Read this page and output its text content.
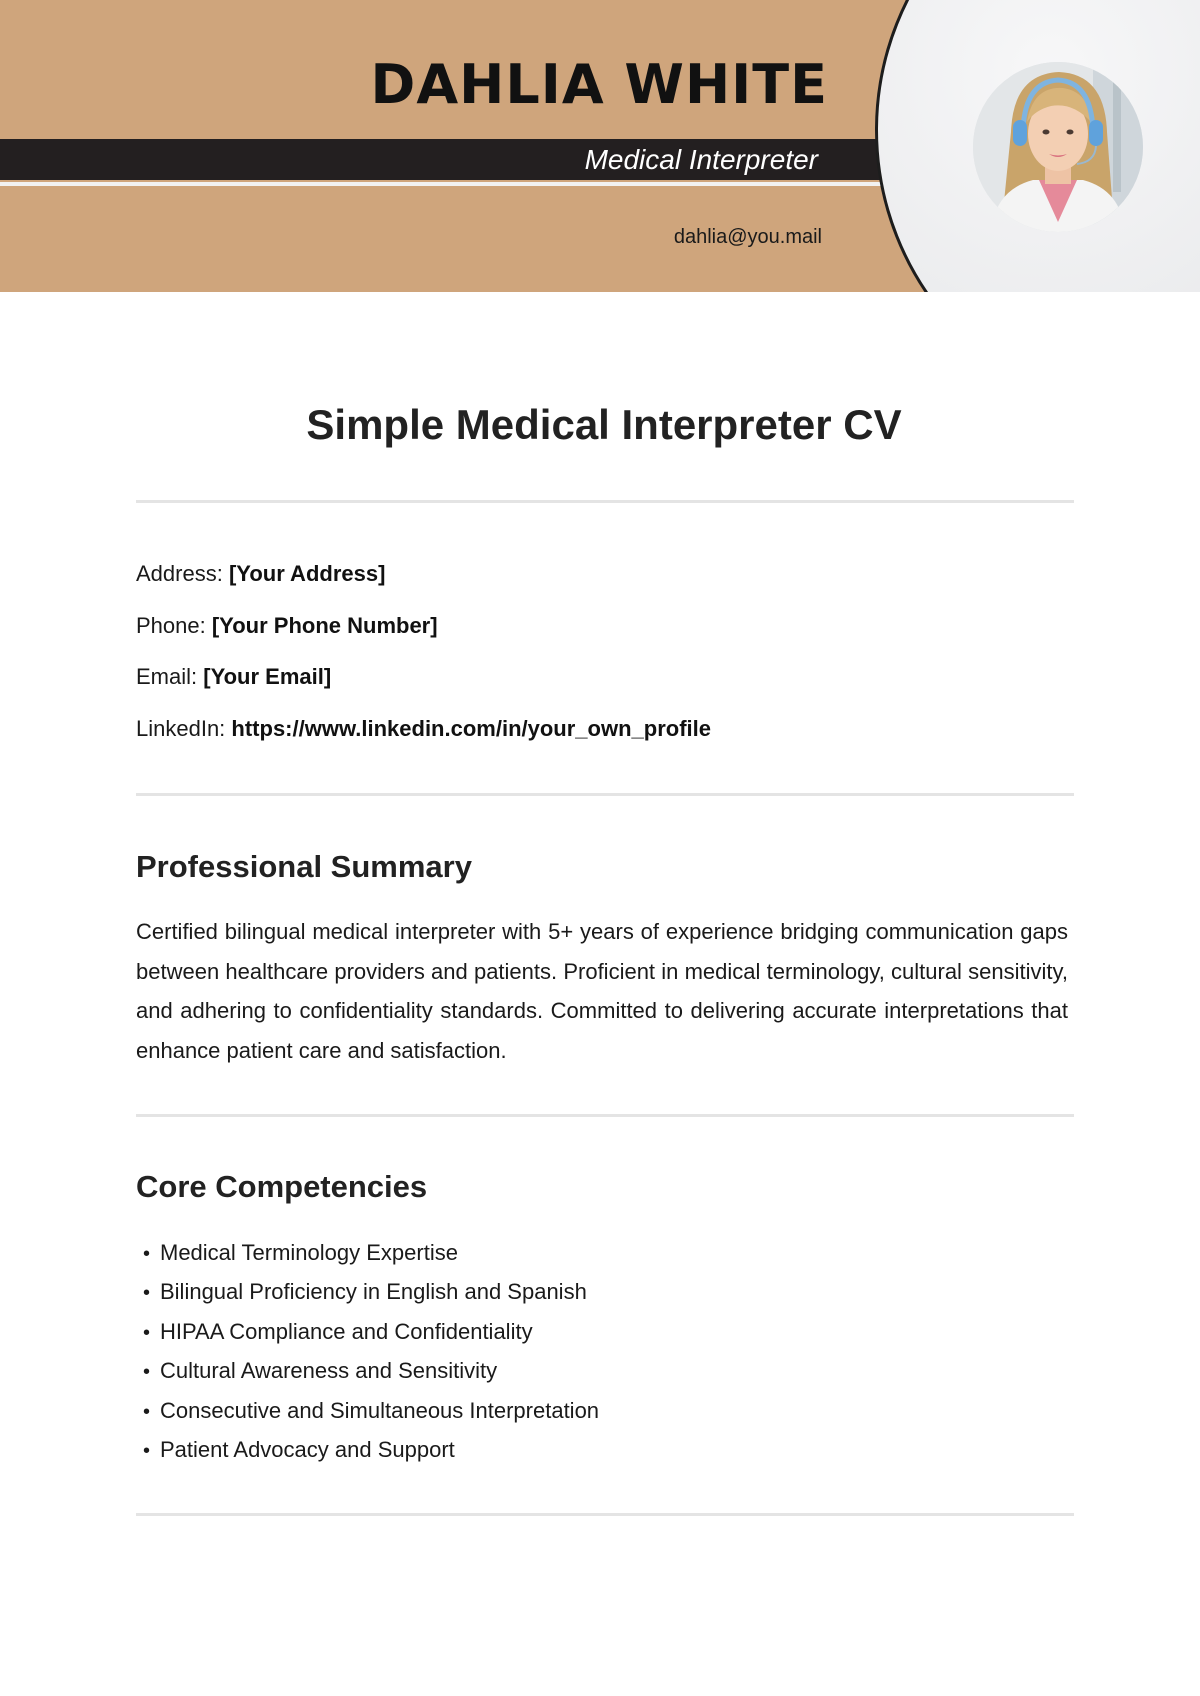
DAHLIA WHITE

Medical Interpreter

dahlia@you.mail
Simple Medical Interpreter CV
Address: [Your Address]
Phone: [Your Phone Number]
Email: [Your Email]
LinkedIn: https://www.linkedin.com/in/your_own_profile
Professional Summary

Certified bilingual medical interpreter with 5+ years of experience bridging communication gaps between healthcare providers and patients. Proficient in medical terminology, cultural sensitivity, and adhering to confidentiality standards. Committed to delivering accurate interpretations that enhance patient care and satisfaction.

Core Competencies
• Medical Terminology Expertise
• Bilingual Proficiency in English and Spanish
• HIPAA Compliance and Confidentiality
• Cultural Awareness and Sensitivity
• Consecutive and Simultaneous Interpretation
• Patient Advocacy and Support
